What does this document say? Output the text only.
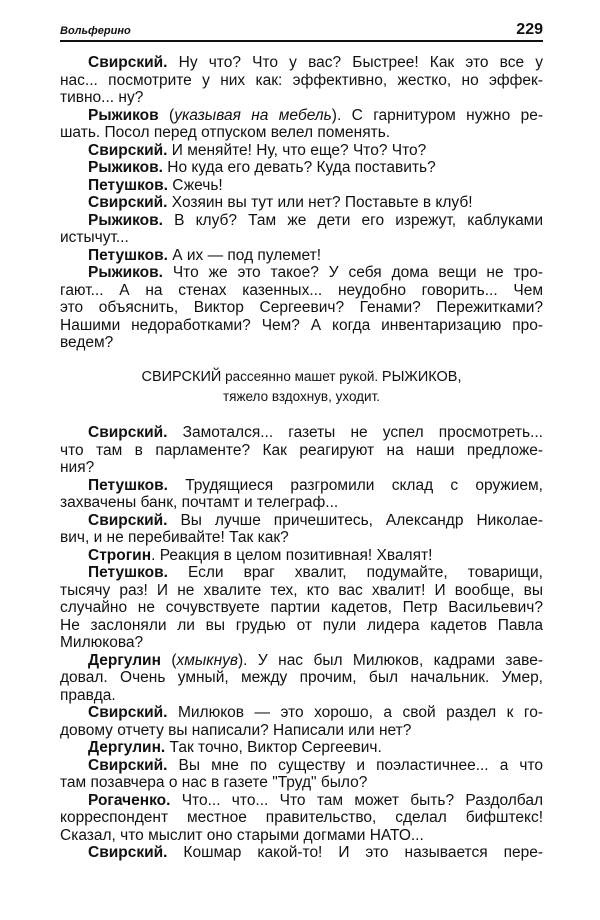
Вольферино	229
Свирский. Ну что? Что у вас? Быстрее! Как это все у
нас... посмотрите у них как: эффективно, жестко, но эффек-
тивно... ну?
Рыжиков (указывая на мебель). С гарнитуром нужно ре-
шать. Посол перед отпуском велел поменять.
Свирский. И меняйте! Ну, что еще? Что? Что?
Рыжиков. Но куда его девать? Куда поставить?
Петушков. Сжечь!
Свирский. Хозяин вы тут или нет? Поставьте в клуб!
Рыжиков. В клуб? Там же дети его изрежут, каблуками
истычут...
Петушков. А их — под пулемет!
Рыжиков. Что же это такое? У себя дома вещи не тро-
гают... А на стенах казенных... неудобно говорить... Чем
это объяснить, Виктор Сергеевич? Генами? Пережитками?
Нашими недоработками? Чем? А когда инвентаризацию про-
ведем?
СВИРСКИЙ рассеянно машет рукой. РЫЖИКОВ,
тяжело вздохнув, уходит.
Свирский. Замотался... газеты не успел просмотреть...
что там в парламенте? Как реагируют на наши предложе-
ния?
Петушков. Трудящиеся разгромили склад с оружием,
захвачены банк, почтамт и телеграф...
Свирский. Вы лучше причешитесь, Александр Николае-
вич, и не перебивайте! Так как?
Строгин. Реакция в целом позитивная! Хвалят!
Петушков. Если враг хвалит, подумайте, товарищи,
тысячу раз! И не хвалите тех, кто вас хвалит! И вообще, вы
случайно не сочувствуете партии кадетов, Петр Васильевич?
Не заслоняли ли вы грудью от пули лидера кадетов Павла
Милюкова?
Дергулин (хмыкнув). У нас был Милюков, кадрами заве-
довал. Очень умный, между прочим, был начальник. Умер,
правда.
Свирский. Милюков — это хорошо, а свой раздел к го-
довому отчету вы написали? Написали или нет?
Дергулин. Так точно, Виктор Сергеевич.
Свирский. Вы мне по существу и поэластичнее... а что
там позавчера о нас в газете "Труд" было?
Рогаченко. Что... что... Что там может быть? Раздолбал
корреспондент местное правительство, сделал бифштекс!
Сказал, что мыслит оно старыми догмами НАТО...
Свирский. Кошмар какой-то! И это называется пере-
